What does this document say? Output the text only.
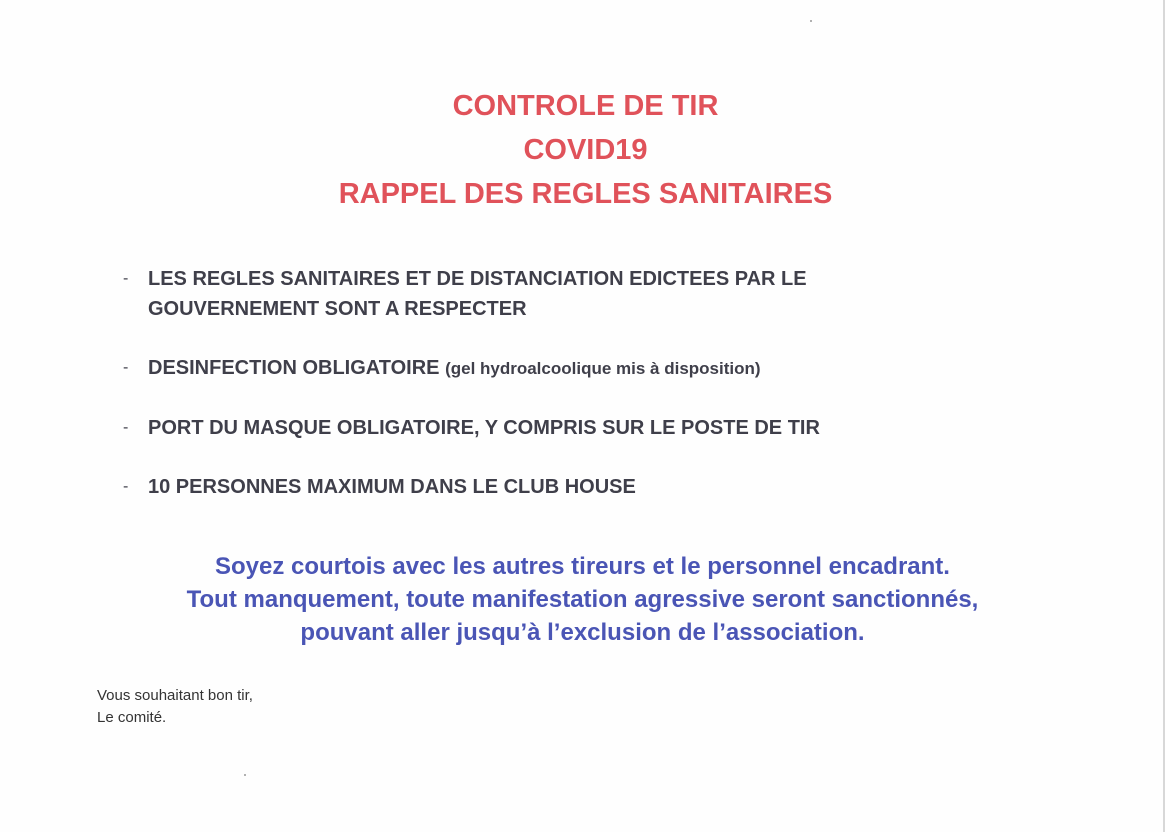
CONTROLE DE TIR
COVID19
RAPPEL DES REGLES SANITAIRES
- LES REGLES SANITAIRES ET DE DISTANCIATION EDICTEES PAR LE
GOUVERNEMENT SONT A RESPECTER
- DESINFECTION OBLIGATOIRE (gel hydroalcoolique mis à disposition)
- PORT DU MASQUE OBLIGATOIRE, Y COMPRIS SUR LE POSTE DE TIR
- 10 PERSONNES MAXIMUM DANS LE CLUB HOUSE
Soyez courtois avec les autres tireurs et le personnel encadrant.
Tout manquement, toute manifestation agressive seront sanctionnés,
pouvant aller jusqu’à l’exclusion de l’association.
Vous souhaitant bon tir,
Le comité.
